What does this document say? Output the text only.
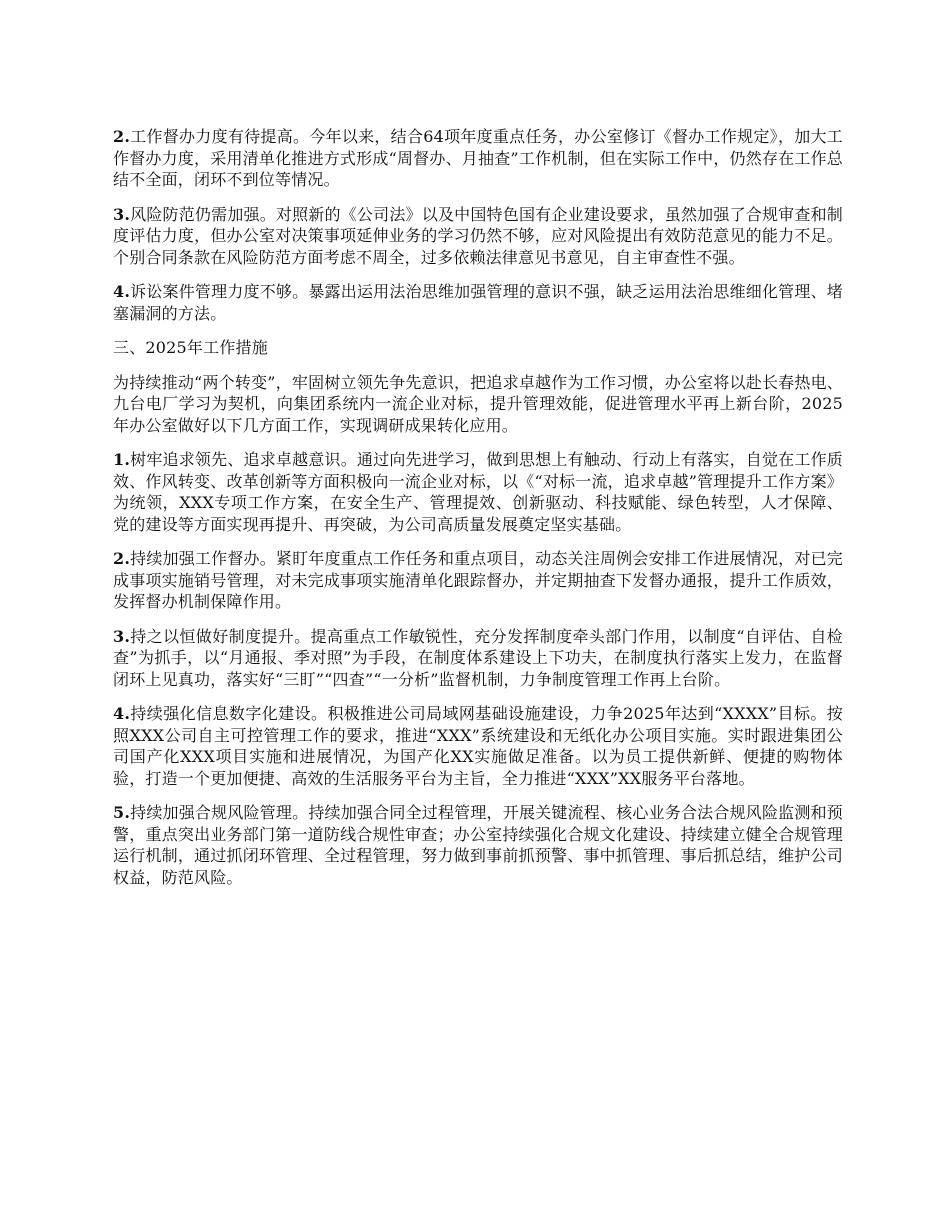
2.工作督办力度有待提高。今年以来，结合64项年度重点任务，办公室修订《督办工作规定》，加大工作督办力度，采用清单化推进方式形成“周督办、月抽查”工作机制，但在实际工作中，仍然存在工作总结不全面，闭环不到位等情况。

3.风险防范仍需加强。对照新的《公司法》以及中国特色国有企业建设要求，虽然加强了合规审查和制度评估力度，但办公室对决策事项延伸业务的学习仍然不够，应对风险提出有效防范意见的能力不足。个别合同条款在风险防范方面考虑不周全，过多依赖法律意见书意见，自主审查性不强。

4.诉讼案件管理力度不够。暴露出运用法治思维加强管理的意识不强，缺乏运用法治思维细化管理、堵塞漏洞的方法。

三、2025年工作措施

为持续推动“两个转变”，牢固树立领先争先意识，把追求卓越作为工作习惯，办公室将以赴长春热电、九台电厂学习为契机，向集团系统内一流企业对标，提升管理效能，促进管理水平再上新台阶，2025年办公室做好以下几方面工作，实现调研成果转化应用。

1.树牢追求领先、追求卓越意识。通过向先进学习，做到思想上有触动、行动上有落实，自觉在工作质效、作风转变、改革创新等方面积极向一流企业对标，以《“对标一流，追求卓越”管理提升工作方案》为统领，XXX专项工作方案，在安全生产、管理提效、创新驱动、科技赋能、绿色转型，人才保障、党的建设等方面实现再提升、再突破，为公司高质量发展奠定坚实基础。

2.持续加强工作督办。紧盯年度重点工作任务和重点项目，动态关注周例会安排工作进展情况，对已完成事项实施销号管理，对未完成事项实施清单化跟踪督办，并定期抽查下发督办通报，提升工作质效，发挥督办机制保障作用。

3.持之以恒做好制度提升。提高重点工作敏锐性，充分发挥制度牵头部门作用，以制度“自评估、自检查”为抓手，以“月通报、季对照”为手段，在制度体系建设上下功夫，在制度执行落实上发力，在监督闭环上见真功，落实好“三盯”“四查”“一分析”监督机制，力争制度管理工作再上台阶。

4.持续强化信息数字化建设。积极推进公司局域网基础设施建设，力争2025年达到“XXXX”目标。按照XXX公司自主可控管理工作的要求，推进“XXX”系统建设和无纸化办公项目实施。实时跟进集团公司国产化XXX项目实施和进展情况，为国产化XX实施做足准备。以为员工提供新鲜、便捷的购物体验，打造一个更加便捷、高效的生活服务平台为主旨，全力推进“XXX”XX服务平台落地。

5.持续加强合规风险管理。持续加强合同全过程管理，开展关键流程、核心业务合法合规风险监测和预警，重点突出业务部门第一道防线合规性审查；办公室持续强化合规文化建设、持续建立健全合规管理运行机制，通过抓闭环管理、全过程管理，努力做到事前抓预警、事中抓管理、事后抓总结，维护公司权益，防范风险。
